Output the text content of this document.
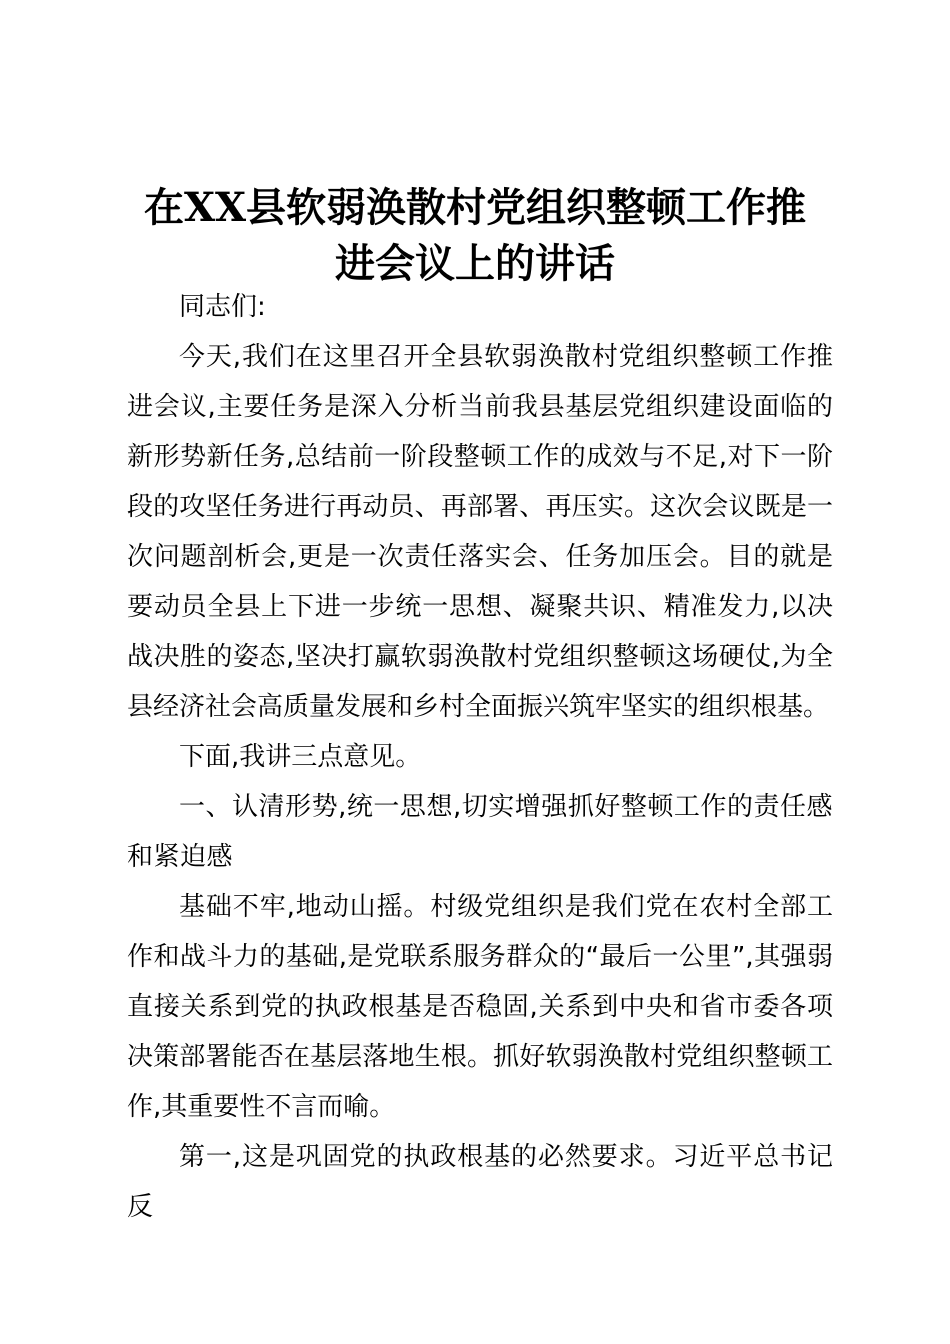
在XX县软弱涣散村党组织整顿工作推
进会议上的讲话

同志们:

今天,我们在这里召开全县软弱涣散村党组织整顿工作推进会议,主要任务是深入分析当前我县基层党组织建设面临的新形势新任务,总结前一阶段整顿工作的成效与不足,对下一阶段的攻坚任务进行再动员、再部署、再压实。这次会议既是一次问题剖析会,更是一次责任落实会、任务加压会。目的就是要动员全县上下进一步统一思想、凝聚共识、精准发力,以决战决胜的姿态,坚决打赢软弱涣散村党组织整顿这场硬仗,为全县经济社会高质量发展和乡村全面振兴筑牢坚实的组织根基。

下面,我讲三点意见。

一、认清形势,统一思想,切实增强抓好整顿工作的责任感和紧迫感

基础不牢,地动山摇。村级党组织是我们党在农村全部工作和战斗力的基础,是党联系服务群众的“最后一公里”,其强弱直接关系到党的执政根基是否稳固,关系到中央和省市委各项决策部署能否在基层落地生根。抓好软弱涣散村党组织整顿工作,其重要性不言而喻。

第一,这是巩固党的执政根基的必然要求。习近平总书记反
